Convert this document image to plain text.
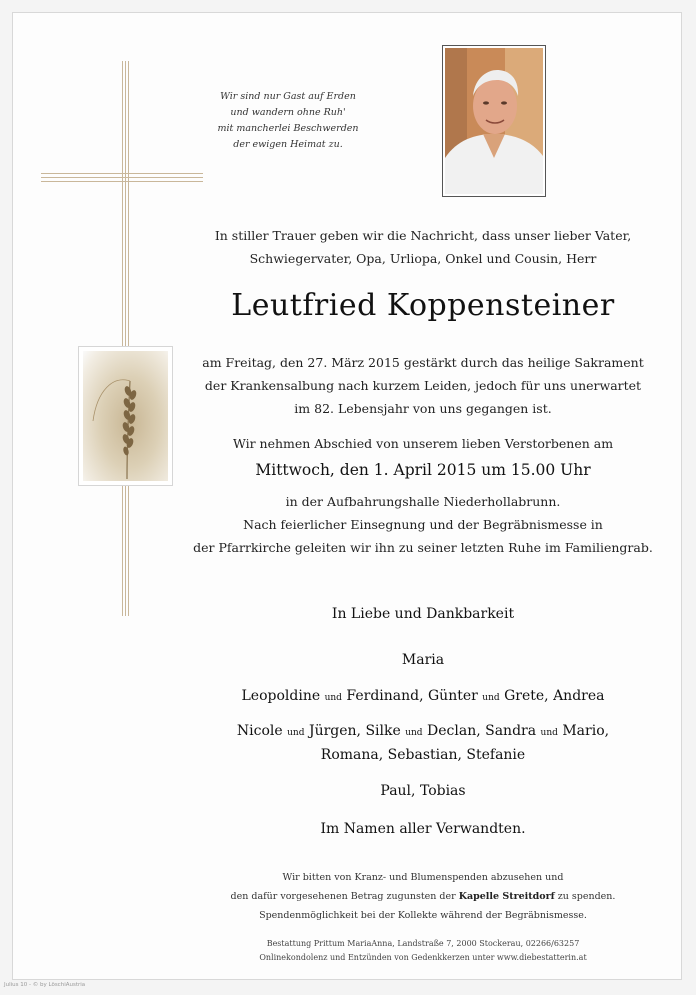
Wir sind nur Gast auf Erden
und wandern ohne Ruh'
mit mancherlei Beschwerden
der ewigen Heimat zu.
In stiller Trauer geben wir die Nachricht, dass unser lieber Vater,
Schwiegervater, Opa, Urliopa, Onkel und Cousin, Herr
Leutfried Koppensteiner
am Freitag, den 27. März 2015 gestärkt durch das heilige Sakrament
der Krankensalbung nach kurzem Leiden, jedoch für uns unerwartet
im 82. Lebensjahr von uns gegangen ist.
Wir nehmen Abschied von unserem lieben Verstorbenen am
Mittwoch, den 1. April 2015 um 15.00 Uhr
in der Aufbahrungshalle Niederhollabrunn.
Nach feierlicher Einsegnung und der Begräbnismesse in
der Pfarrkirche geleiten wir ihn zu seiner letzten Ruhe im Familiengrab.
In Liebe und Dankbarkeit
Maria
Leopoldine und Ferdinand, Günter und Grete, Andrea
Nicole und Jürgen, Silke und Declan, Sandra und Mario,
Romana, Sebastian, Stefanie
Paul, Tobias
Im Namen aller Verwandten.
Wir bitten von Kranz- und Blumenspenden abzusehen und
den dafür vorgesehenen Betrag zugunsten der Kapelle Streitdorf zu spenden.
Spendenmöglichkeit bei der Kollekte während der Begräbnismesse.
Bestattung Prittum MariaAnna, Landstraße 7, 2000 Stockerau, 02266/63257
Onlinekondolenz und Entzünden von Gedenkkerzen unter www.diebestatterin.at
Julius 10 - © by LöschiAustria
